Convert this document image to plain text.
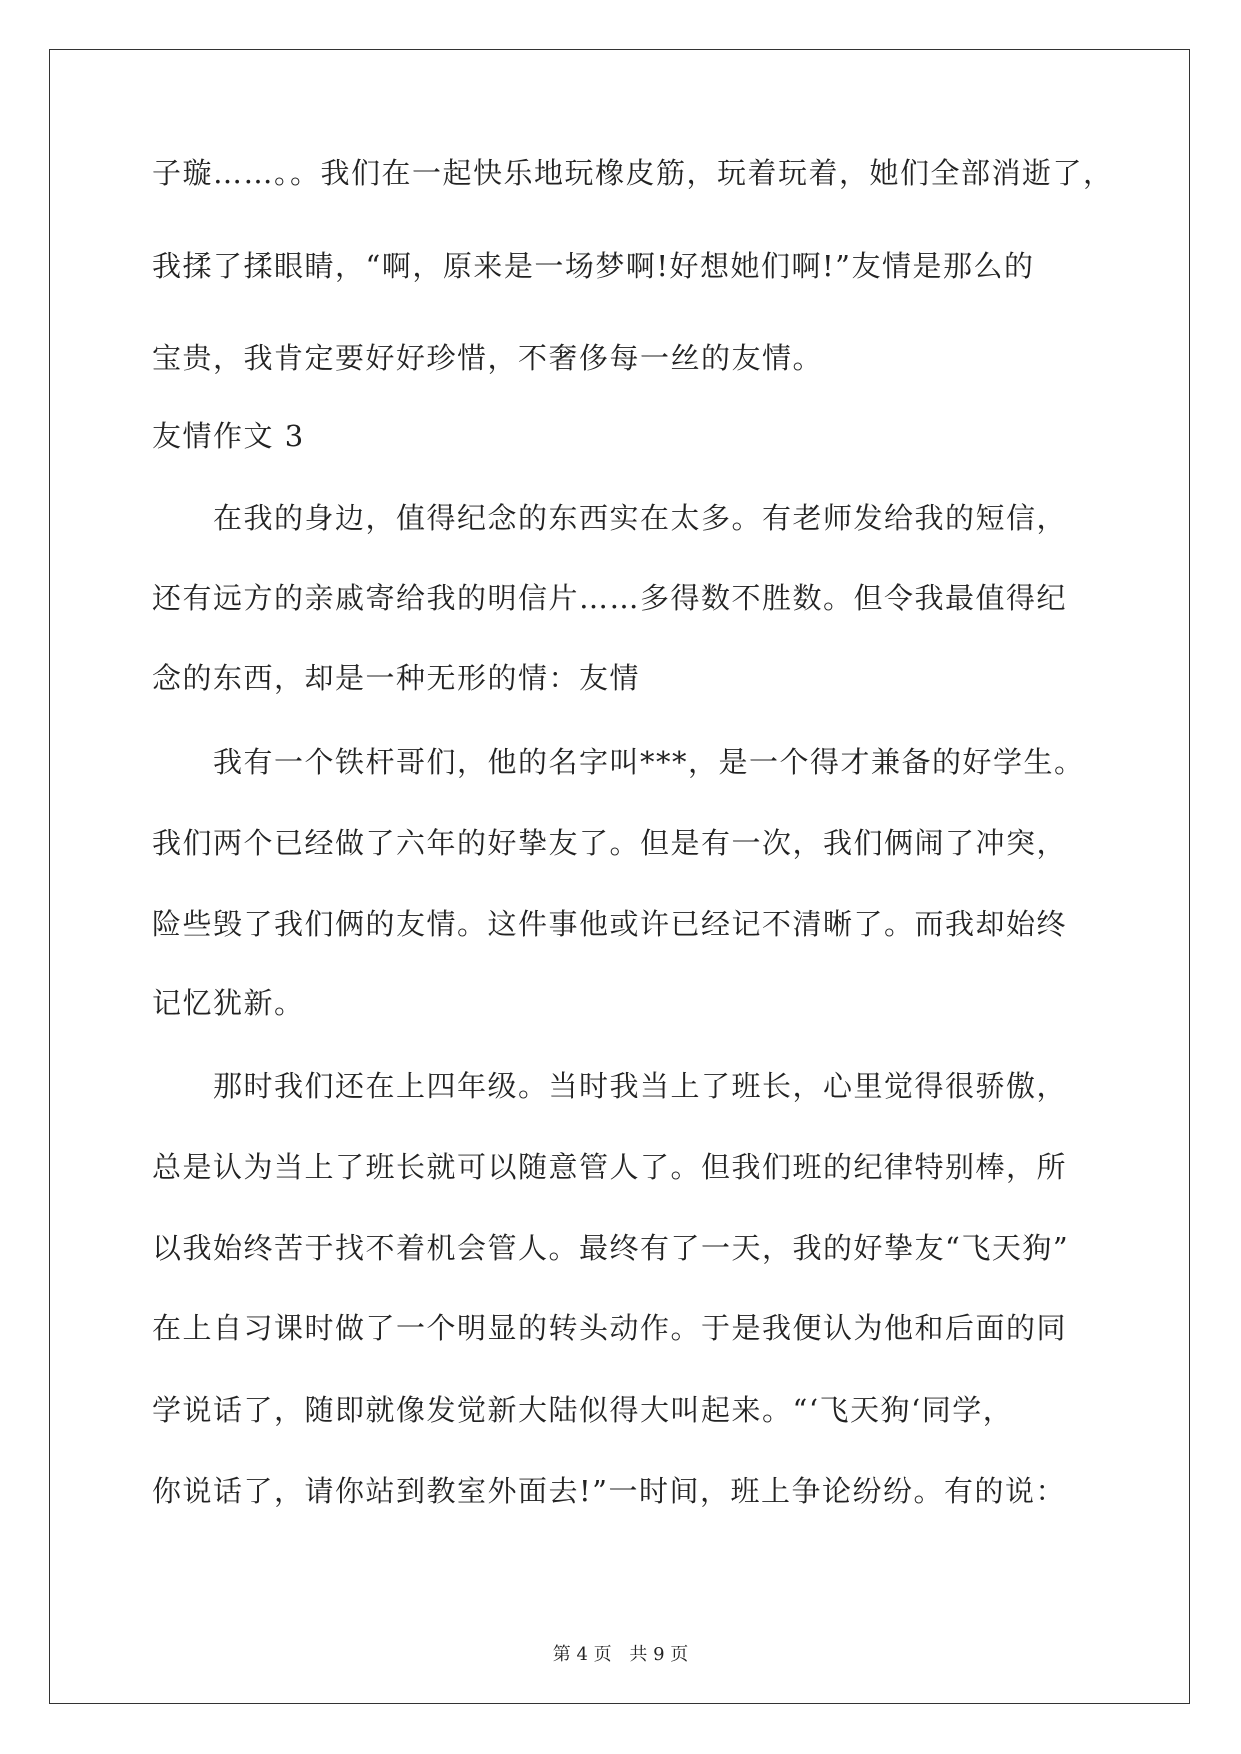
子璇……。。我们在一起快乐地玩橡皮筋，玩着玩着，她们全部消逝了，
我揉了揉眼睛，“啊，原来是一场梦啊!好想她们啊!”友情是那么的
宝贵，我肯定要好好珍惜，不奢侈每一丝的友情。
友情作文 3
在我的身边，值得纪念的东西实在太多。有老师发给我的短信，
还有远方的亲戚寄给我的明信片……多得数不胜数。但令我最值得纪
念的东西，却是一种无形的情：友情
我有一个铁杆哥们，他的名字叫***，是一个得才兼备的好学生。
我们两个已经做了六年的好挚友了。但是有一次，我们俩闹了冲突，
险些毁了我们俩的友情。这件事他或许已经记不清晰了。而我却始终
记忆犹新。
那时我们还在上四年级。当时我当上了班长，心里觉得很骄傲，
总是认为当上了班长就可以随意管人了。但我们班的纪律特别棒，所
以我始终苦于找不着机会管人。最终有了一天，我的好挚友“飞天狗”
在上自习课时做了一个明显的转头动作。于是我便认为他和后面的同
学说话了，随即就像发觉新大陆似得大叫起来。“‘飞天狗‘同学，
你说话了，请你站到教室外面去!”一时间，班上争论纷纷。有的说：
第 4 页 共 9 页
